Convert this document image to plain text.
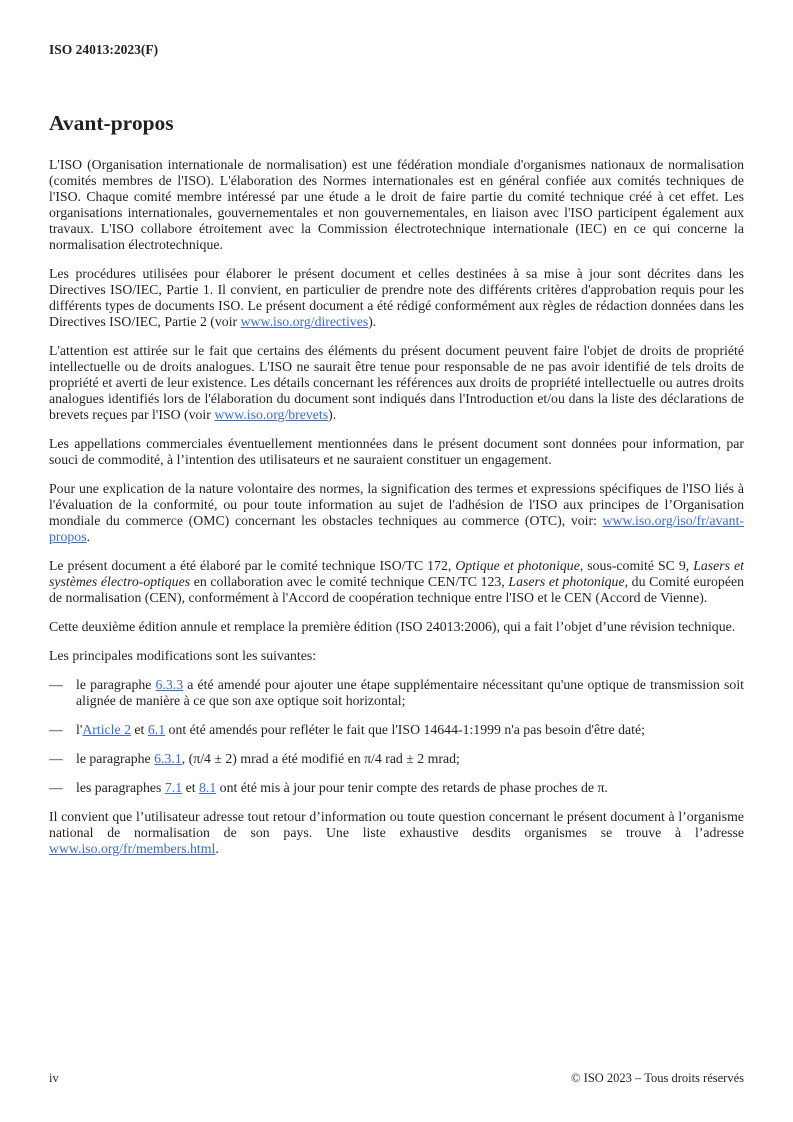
ISO 24013:2023(F)
Avant-propos

L'ISO (Organisation internationale de normalisation) est une fédération mondiale d'organismes nationaux de normalisation (comités membres de l'ISO). L'élaboration des Normes internationales est en général confiée aux comités techniques de l'ISO. Chaque comité membre intéressé par une étude a le droit de faire partie du comité technique créé à cet effet. Les organisations internationales, gouvernementales et non gouvernementales, en liaison avec l'ISO participent également aux travaux. L'ISO collabore étroitement avec la Commission électrotechnique internationale (IEC) en ce qui concerne la normalisation électrotechnique.

Les procédures utilisées pour élaborer le présent document et celles destinées à sa mise à jour sont décrites dans les Directives ISO/IEC, Partie 1. Il convient, en particulier de prendre note des différents critères d'approbation requis pour les différents types de documents ISO. Le présent document a été rédigé conformément aux règles de rédaction données dans les Directives ISO/IEC, Partie 2 (voir www.iso.org/directives).

L'attention est attirée sur le fait que certains des éléments du présent document peuvent faire l'objet de droits de propriété intellectuelle ou de droits analogues. L'ISO ne saurait être tenue pour responsable de ne pas avoir identifié de tels droits de propriété et averti de leur existence. Les détails concernant les références aux droits de propriété intellectuelle ou autres droits analogues identifiés lors de l'élaboration du document sont indiqués dans l'Introduction et/ou dans la liste des déclarations de brevets reçues par l'ISO (voir www.iso.org/brevets).

Les appellations commerciales éventuellement mentionnées dans le présent document sont données pour information, par souci de commodité, à l’intention des utilisateurs et ne sauraient constituer un engagement.

Pour une explication de la nature volontaire des normes, la signification des termes et expressions spécifiques de l'ISO liés à l'évaluation de la conformité, ou pour toute information au sujet de l'adhésion de l'ISO aux principes de l’Organisation mondiale du commerce (OMC) concernant les obstacles techniques au commerce (OTC), voir: www.iso.org/iso/fr/avant-propos.

Le présent document a été élaboré par le comité technique ISO/TC 172, Optique et photonique, sous-comité SC 9, Lasers et systèmes électro-optiques en collaboration avec le comité technique CEN/TC 123, Lasers et photonique, du Comité européen de normalisation (CEN), conformément à l'Accord de coopération technique entre l'ISO et le CEN (Accord de Vienne).

Cette deuxième édition annule et remplace la première édition (ISO 24013:2006), qui a fait l’objet d’une révision technique.

Les principales modifications sont les suivantes:

— le paragraphe 6.3.3 a été amendé pour ajouter une étape supplémentaire nécessitant qu'une optique de transmission soit alignée de manière à ce que son axe optique soit horizontal;

— l'Article 2 et 6.1 ont été amendés pour refléter le fait que l'ISO 14644-1:1999 n'a pas besoin d'être daté;

— le paragraphe 6.3.1, (π/4 ± 2) mrad a été modifié en π/4 rad ± 2 mrad;

— les paragraphes 7.1 et 8.1 ont été mis à jour pour tenir compte des retards de phase proches de π.

Il convient que l’utilisateur adresse tout retour d’information ou toute question concernant le présent document à l’organisme national de normalisation de son pays. Une liste exhaustive desdits organismes se trouve à l’adresse www.iso.org/fr/members.html.

iv	© ISO 2023 – Tous droits réservés
